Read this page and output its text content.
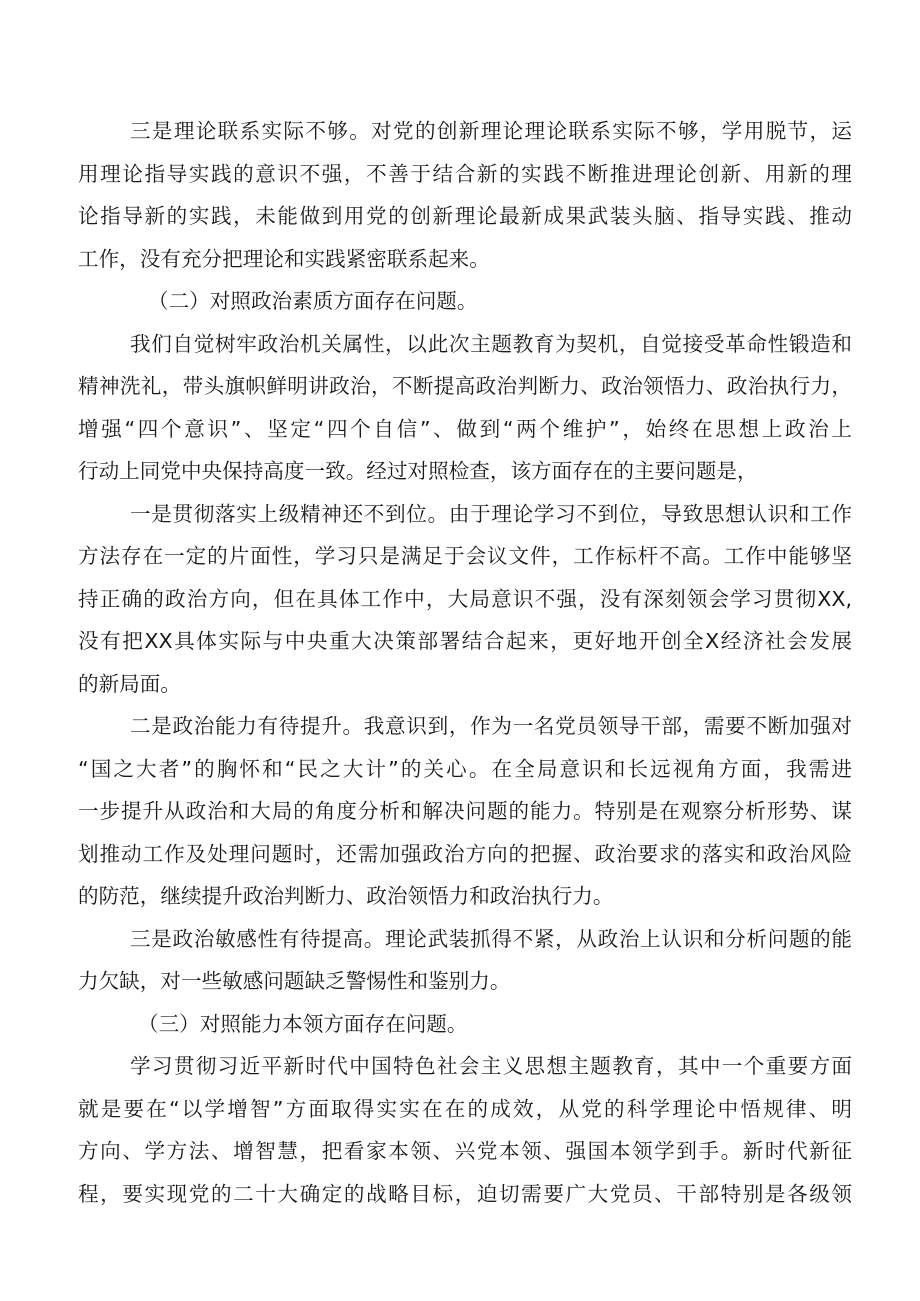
三是理论联系实际不够。对党的创新理论理论联系实际不够，学用脱节，运

用理论指导实践的意识不强，不善于结合新的实践不断推进理论创新、用新的理

论指导新的实践，未能做到用党的创新理论最新成果武装头脑、指导实践、推动

工作，没有充分把理论和实践紧密联系起来。

（二）对照政治素质方面存在问题。

我们自觉树牢政治机关属性，以此次主题教育为契机，自觉接受革命性锻造和

精神洗礼，带头旗帜鲜明讲政治，不断提高政治判断力、政治领悟力、政治执行力，

增强“四个意识”、坚定“四个自信”、做到“两个维护”，始终在思想上政治上

行动上同党中央保持高度一致。经过对照检查，该方面存在的主要问题是，

一是贯彻落实上级精神还不到位。由于理论学习不到位，导致思想认识和工作

方法存在一定的片面性，学习只是满足于会议文件，工作标杆不高。工作中能够坚

持正确的政治方向，但在具体工作中，大局意识不强，没有深刻领会学习贯彻XX,

没有把XX具体实际与中央重大决策部署结合起来，更好地开创全X经济社会发展

的新局面。

二是政治能力有待提升。我意识到，作为一名党员领导干部，需要不断加强对

“国之大者”的胸怀和“民之大计”的关心。在全局意识和长远视角方面，我需进

一步提升从政治和大局的角度分析和解决问题的能力。特别是在观察分析形势、谋

划推动工作及处理问题时，还需加强政治方向的把握、政治要求的落实和政治风险

的防范，继续提升政治判断力、政治领悟力和政治执行力。

三是政治敏感性有待提高。理论武装抓得不紧，从政治上认识和分析问题的能

力欠缺，对一些敏感问题缺乏警惕性和鉴别力。

（三）对照能力本领方面存在问题。

学习贯彻习近平新时代中国特色社会主义思想主题教育，其中一个重要方面

就是要在“以学增智”方面取得实实在在的成效，从党的科学理论中悟规律、明

方向、学方法、增智慧，把看家本领、兴党本领、强国本领学到手。新时代新征

程，要实现党的二十大确定的战略目标，迫切需要广大党员、干部特别是各级领
